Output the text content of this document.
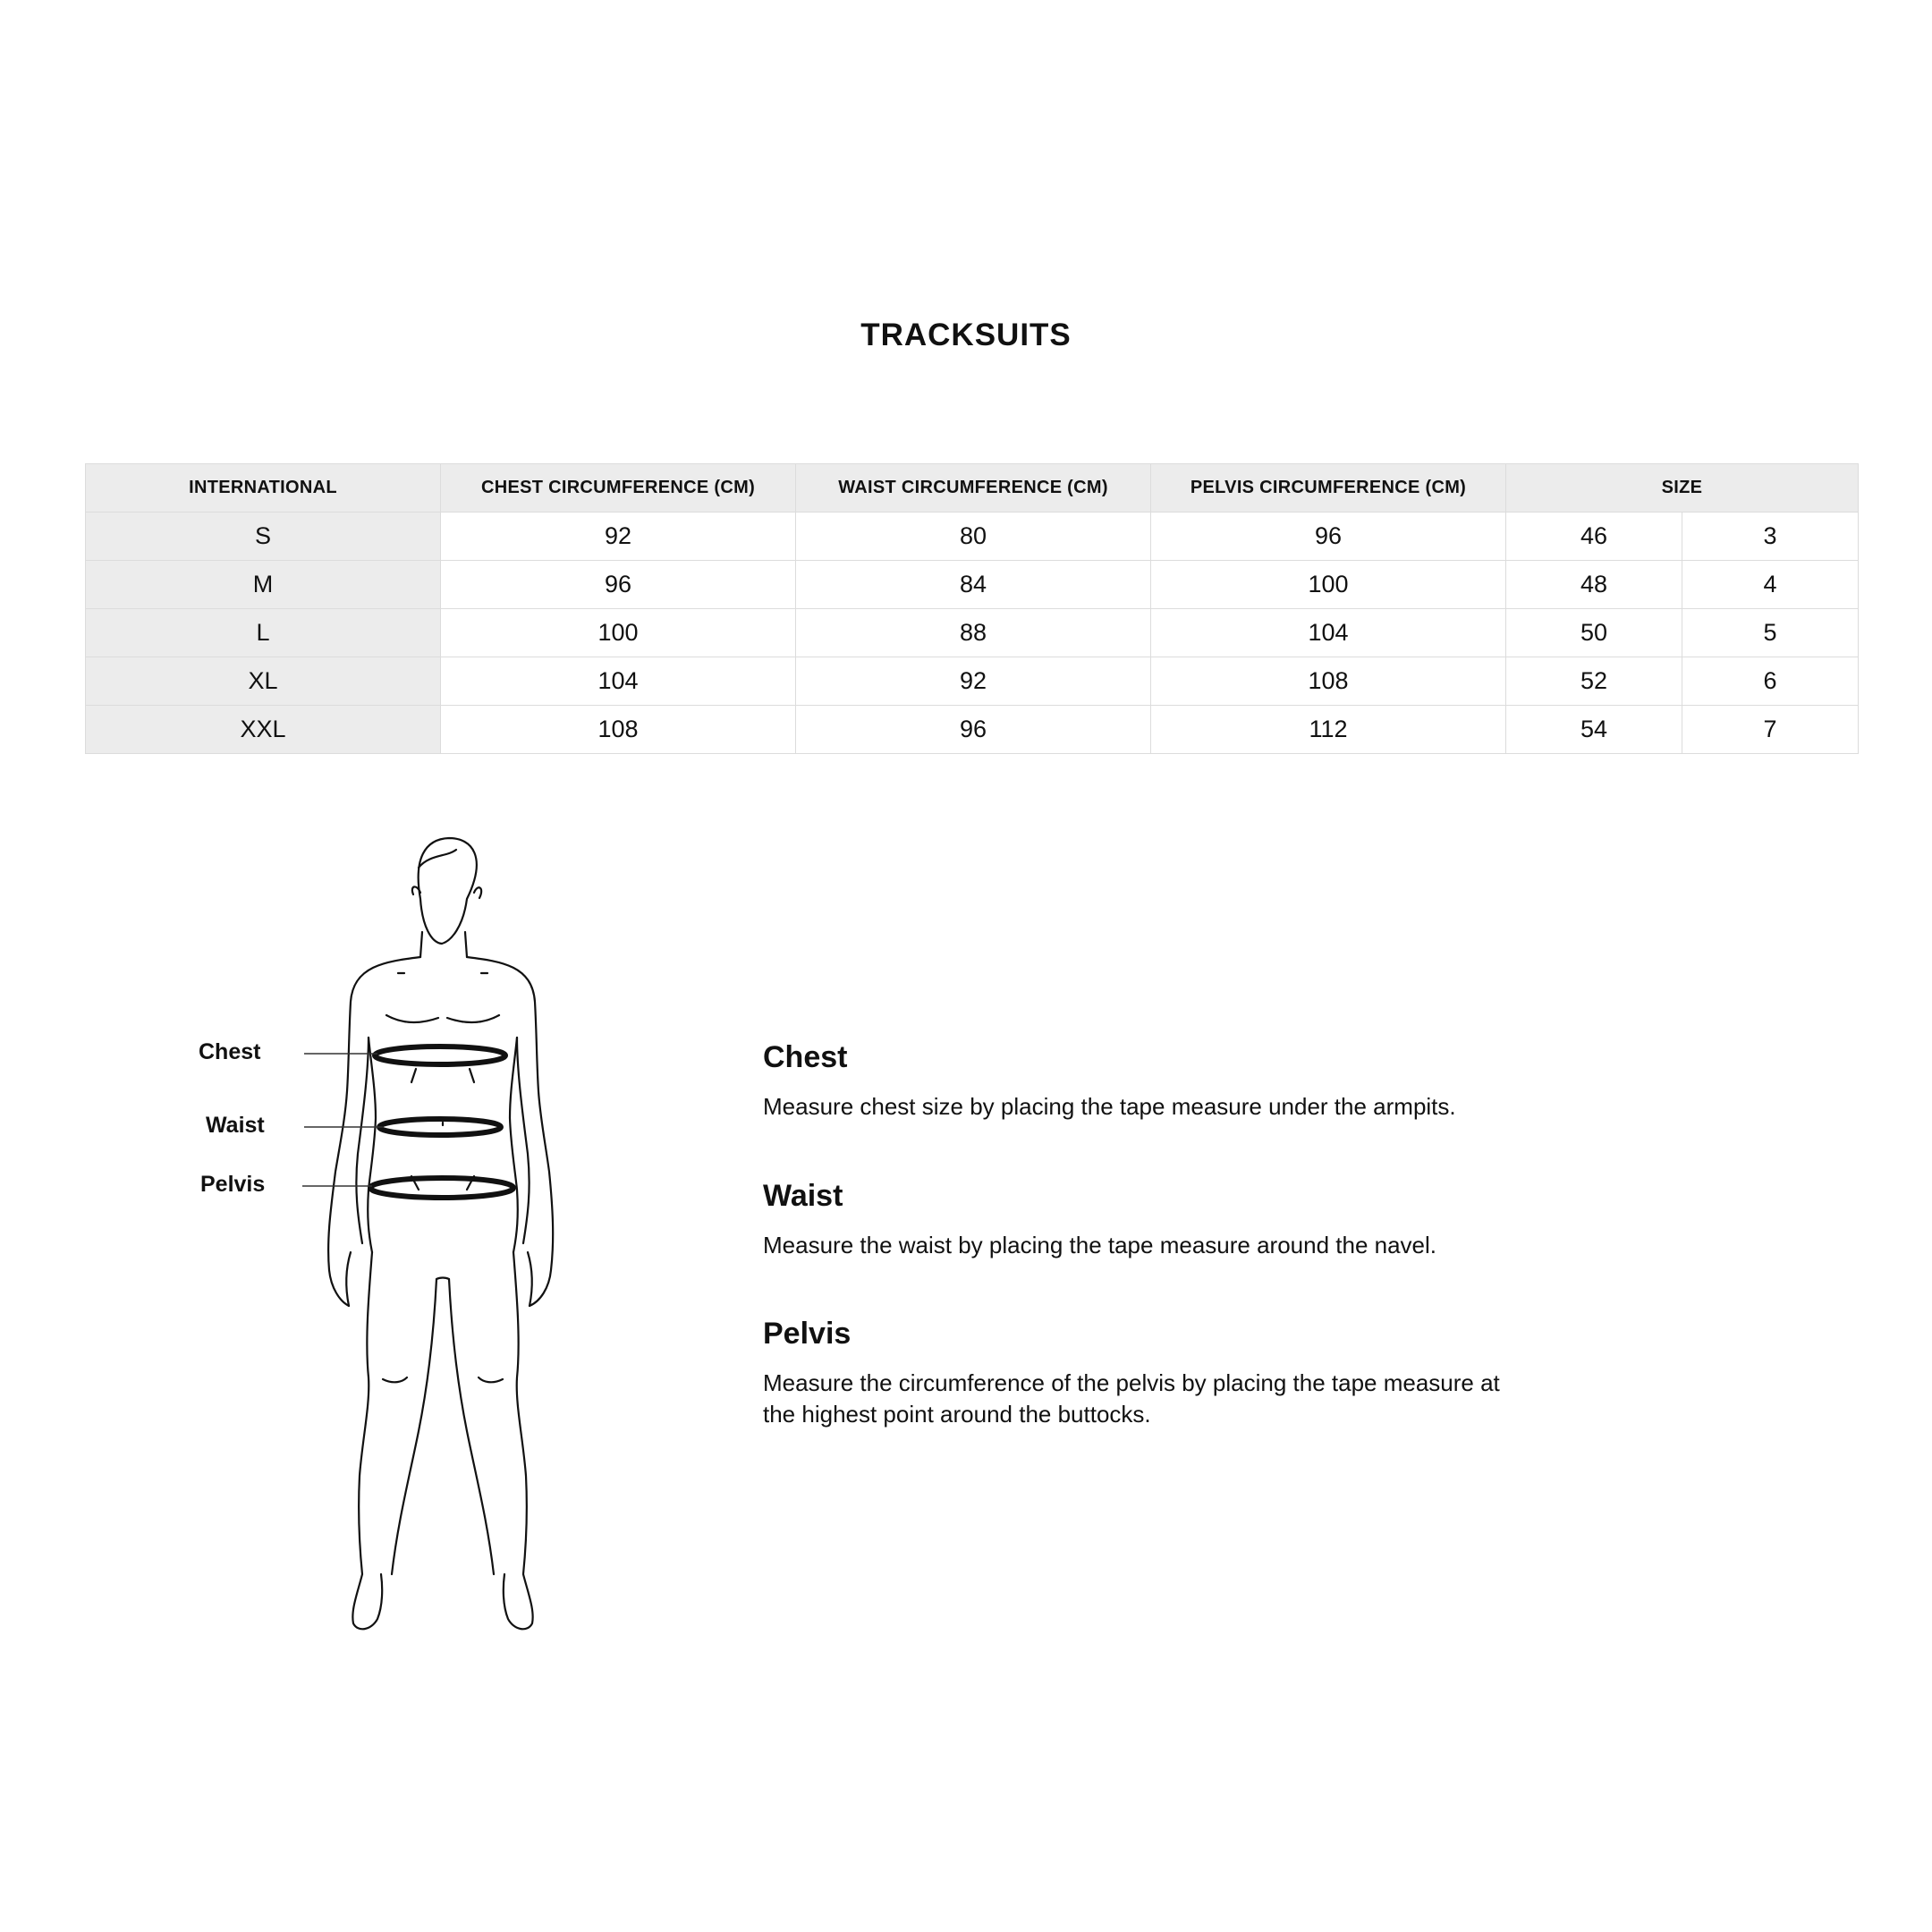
TRACKSUITS
INTERNATIONAL	CHEST CIRCUMFERENCE (CM)	WAIST CIRCUMFERENCE (CM)	PELVIS CIRCUMFERENCE (CM)	SIZE	
S	92	80	96	46	3
M	96	84	100	48	4
L	100	88	104	50	5
XL	104	92	108	52	6
XXL	108	96	112	54	7
Chest
Waist
Pelvis
Chest

Measure chest size by placing the tape measure under the armpits.

Waist

Measure the waist by placing the tape measure around the navel.

Pelvis

Measure the circumference of the pelvis by placing the tape measure at the highest point around the buttocks.
